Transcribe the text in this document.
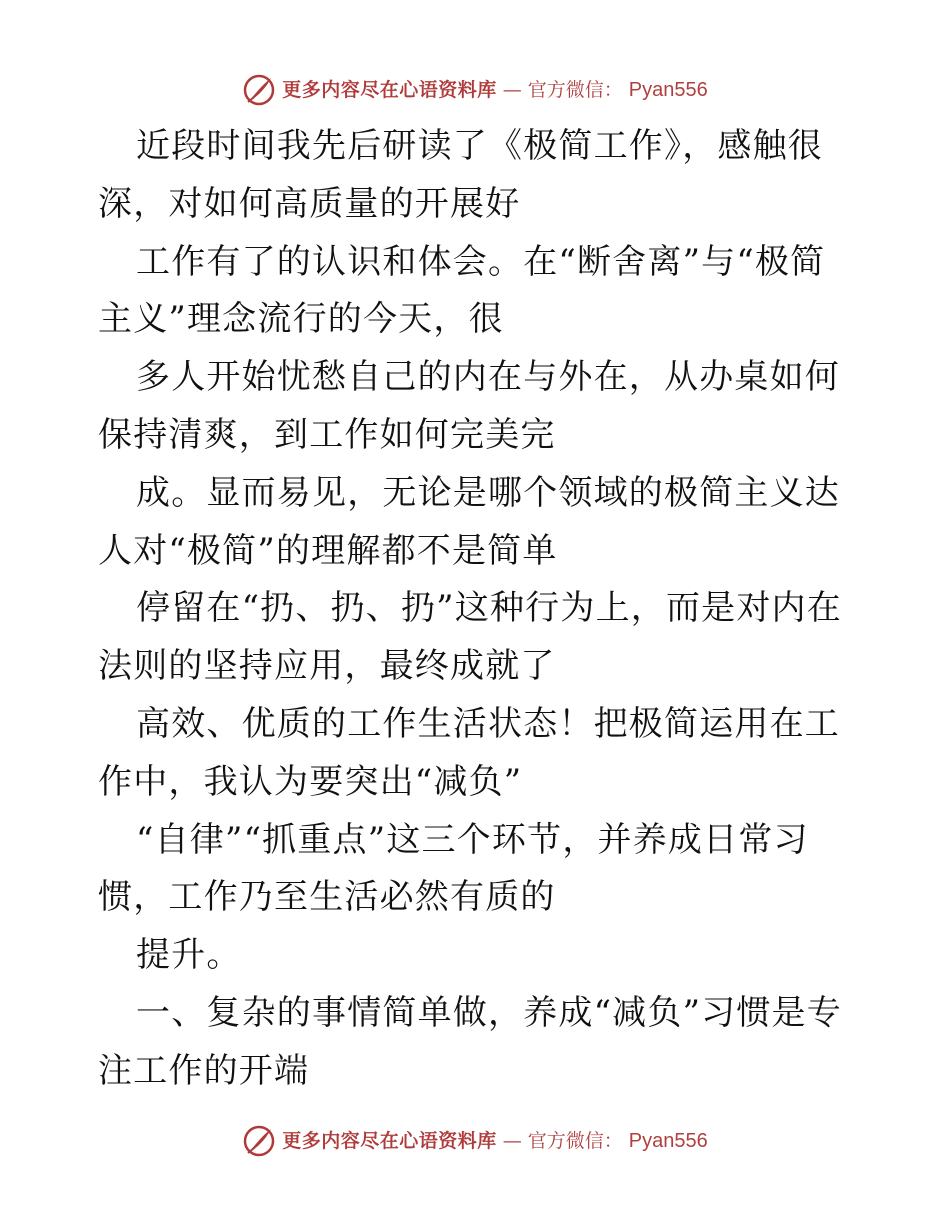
更多内容尽在心语资料库 — 官方微信： Pyan556

近段时间我先后研读了《极简工作》，感触很深，对如何高质量的开展好

工作有了的认识和体会。在“断舍离”与“极简主义”理念流行的今天，很

多人开始忧愁自己的内在与外在，从办桌如何保持清爽，到工作如何完美完

成。显而易见，无论是哪个领域的极简主义达人对“极简”的理解都不是简单

停留在“扔、扔、扔”这种行为上，而是对内在法则的坚持应用，最终成就了

高效、优质的工作生活状态！把极简运用在工作中，我认为要突出“减负”

“自律”“抓重点”这三个环节，并养成日常习惯，工作乃至生活必然有质的

提升。

一、复杂的事情简单做，养成“减负”习惯是专注工作的开端

更多内容尽在心语资料库 — 官方微信： Pyan556
